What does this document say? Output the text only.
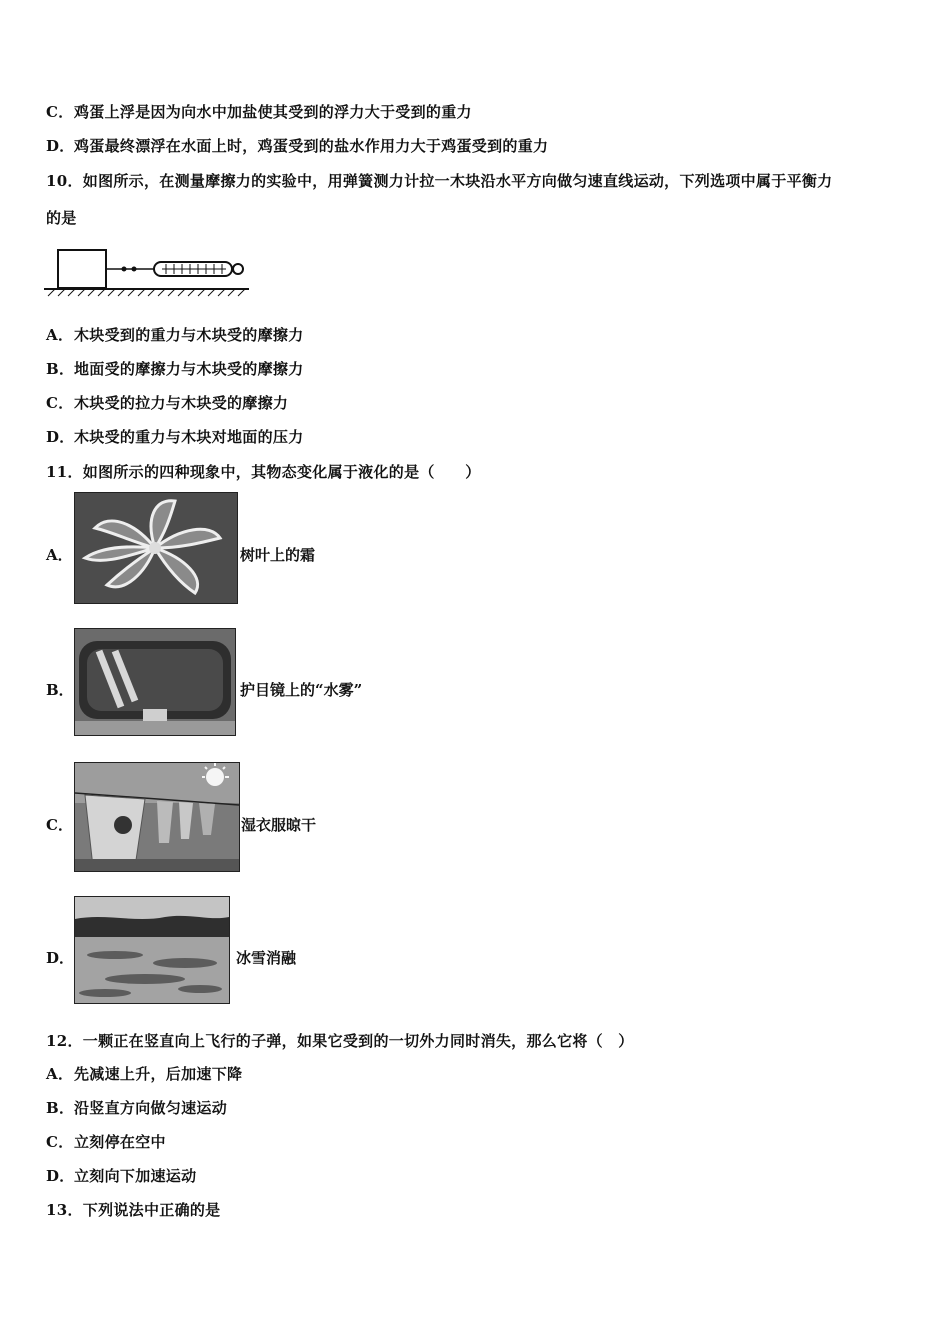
C．鸡蛋上浮是因为向水中加盐使其受到的浮力大于受到的重力
D．鸡蛋最终漂浮在水面上时，鸡蛋受到的盐水作用力大于鸡蛋受到的重力
10．如图所示，在测量摩擦力的实验中，用弹簧测力计拉一木块沿水平方向做匀速直线运动，下列选项中属于平衡力
的是
A．木块受到的重力与木块受的摩擦力
B．地面受的摩擦力与木块受的摩擦力
C．木块受的拉力与木块受的摩擦力
D．木块受的重力与木块对地面的压力
11．如图所示的四种现象中，其物态变化属于液化的是（　　）
A．	树叶上的霜
B．	护目镜上的“水雾”
C．	湿衣服晾干
D．	冰雪消融
12．一颗正在竖直向上飞行的子弹，如果它受到的一切外力同时消失，那么它将（　）
A．先减速上升，后加速下降
B．沿竖直方向做匀速运动
C．立刻停在空中
D．立刻向下加速运动
13．下列说法中正确的是
